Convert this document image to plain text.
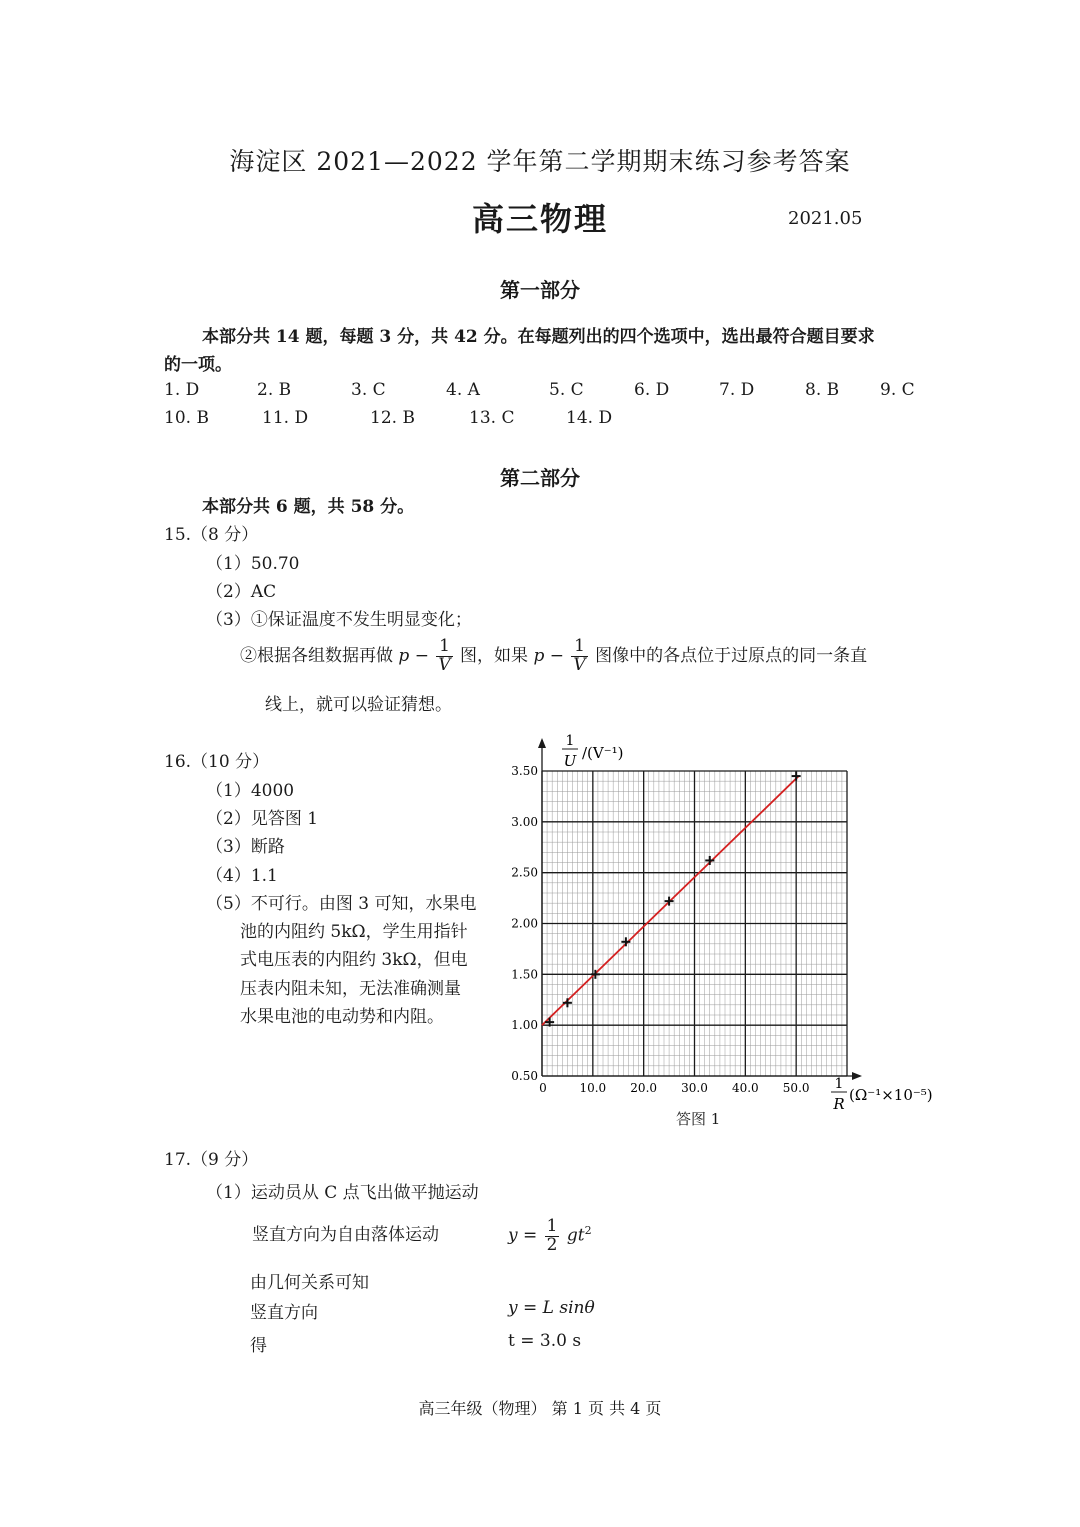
海淀区 2021—2022 学年第二学期期末练习参考答案
高三物理	2021.05
第一部分
本部分共 14 题，每题 3 分，共 42 分。在每题列出的四个选项中，选出最符合题目要求
的一项。
1. D	2. B	3. C	4. A	5. C	6. D	7. D	8. B 9. C
10. B	11. D	12. B	13. C	14. D
第二部分
本部分共 6 题，共 58 分。
15.（8 分）
（1）50.70
（2）AC
（3）①保证温度不发生明显变化；
②根据各组数据再做 $p - \frac{1}{V}$ 图，如果 $p - \frac{1}{V}$ 图像中的各点位于过原点的同一条直
线上，就可以验证猜想。
16.（10 分）
（1）4000
（2）见答图 1
（3）断路
（4）1.1
（5）不可行。由图 3 可知，水果电
池的内阻约 5kΩ，学生用指针
式电压表的内阻约 3kΩ，但电
压表内阻未知，无法准确测量
水果电池的电动势和内阻。
0.50
1.00
1.50
2.00
2.50
3.00
3.50
10.0 20.0 30.0 40.0 50.0
1
U /(V⁻¹)
1
R (Ω⁻¹×10⁻⁵)
0
答图 1
17.（9 分）
（1）运动员从 C 点飞出做平抛运动
竖直方向为自由落体运动	$y = \frac{1}{2} gt^2$
由几何关系可知
竖直方向	y = L sinθ
得	t = 3.0 s
高三年级（物理） 第 1 页 共 4 页
